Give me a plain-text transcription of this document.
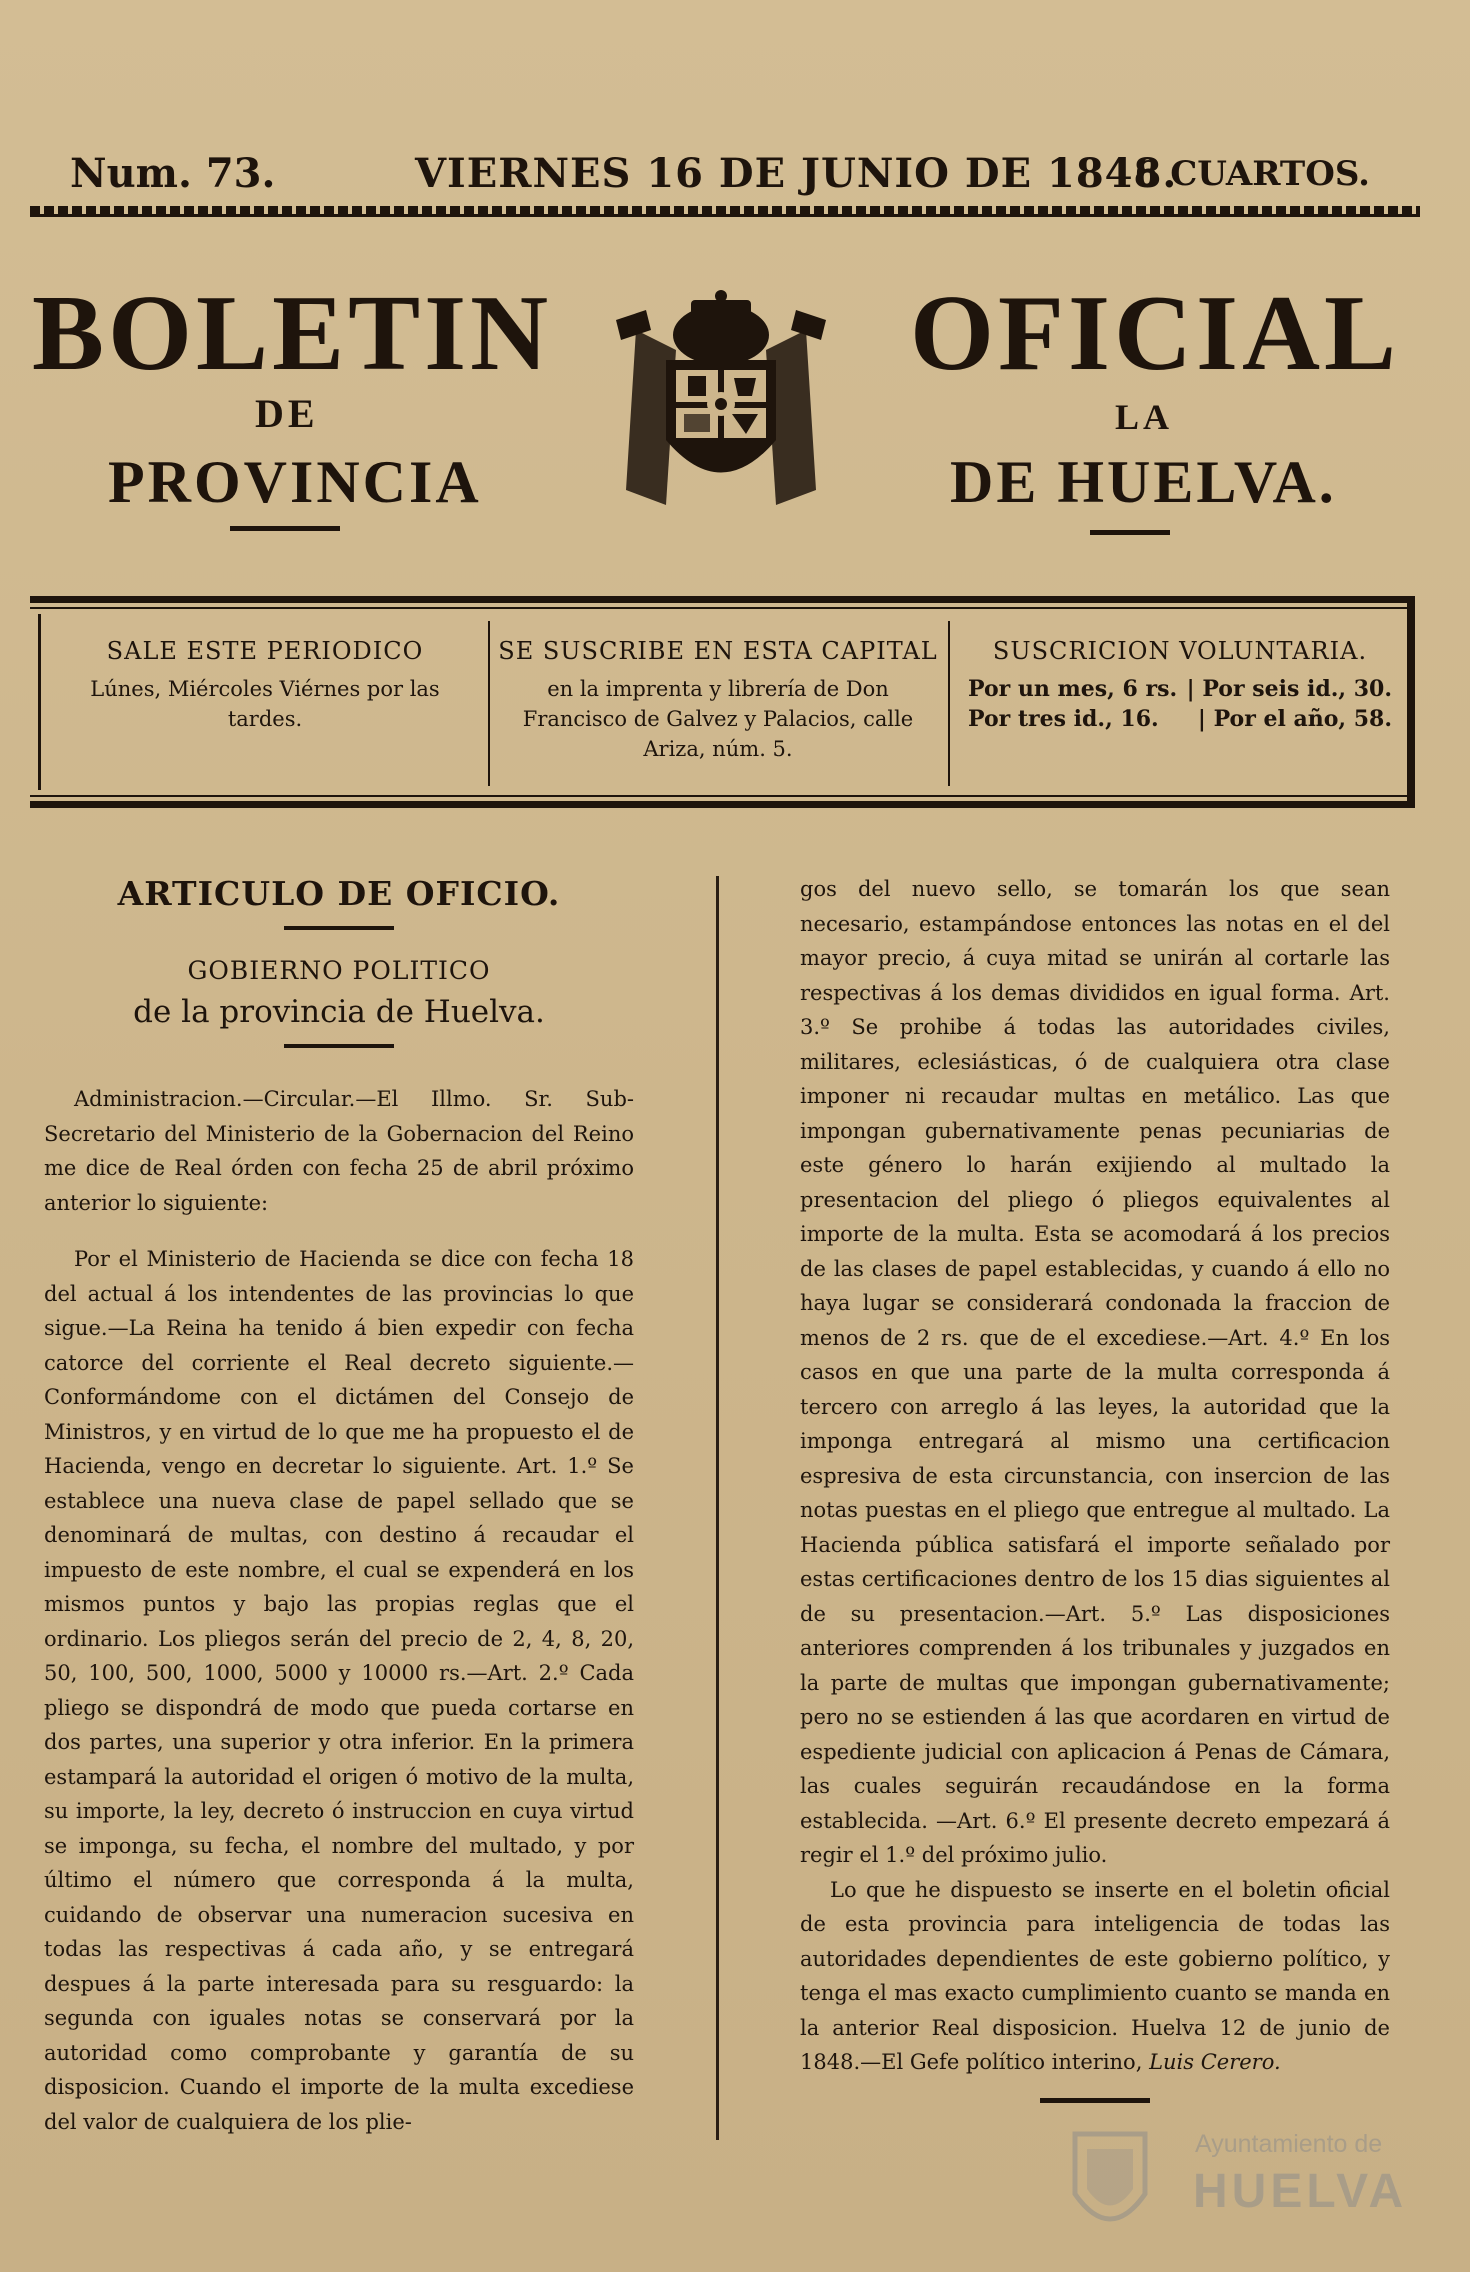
Num. 73.	VIERNES 16 DE JUNIO DE 1848.
6 CUARTOS.
BOLETIN	OFICIAL
DE	LA
PROVINCIA	DE HUELVA.
SALE ESTE PERIODICO
Lúnes, Miércoles Viérnes por las tardes.
SE SUSCRIBE EN ESTA CAPITAL
en la imprenta y librería de Don Francisco de Galvez y Palacios, calle Ariza, núm. 5.
SUSCRICION VOLUNTARIA.
Por un mes, 6 rs. | Por seis id., 30.
Por tres id., 16. | Por el año, 58.

ARTICULO DE OFICIO.

GOBIERNO POLITICO

de la provincia de Huelva.

Administracion.—Circular.—El Illmo. Sr. Sub-Secretario del Ministerio de la Gobernacion del Reino me dice de Real órden con fecha 25 de abril próximo anterior lo siguiente:

Por el Ministerio de Hacienda se dice con fecha 18 del actual á los intendentes de las provincias lo que sigue.—La Reina ha tenido á bien expedir con fecha catorce del corriente el Real decreto siguiente.—Conformándome con el dictámen del Consejo de Ministros, y en virtud de lo que me ha propuesto el de Hacienda, vengo en decretar lo siguiente. Art. 1.º Se establece una nueva clase de papel sellado que se denominará de multas, con destino á recaudar el impuesto de este nombre, el cual se expenderá en los mismos puntos y bajo las propias reglas que el ordinario. Los pliegos serán del precio de 2, 4, 8, 20, 50, 100, 500, 1000, 5000 y 10000 rs.—Art. 2.º Cada pliego se dispondrá de modo que pueda cortarse en dos partes, una superior y otra inferior. En la primera estampará la autoridad el origen ó motivo de la multa, su importe, la ley, decreto ó instruccion en cuya virtud se imponga, su fecha, el nombre del multado, y por último el número que corresponda á la multa, cuidando de observar una numeracion sucesiva en todas las respectivas á cada año, y se entregará despues á la parte interesada para su resguardo: la segunda con iguales notas se conservará por la autoridad como comprobante y garantía de su disposicion. Cuando el importe de la multa excediese del valor de cualquiera de los plie-

gos del nuevo sello, se tomarán los que sean necesario, estampándose entonces las notas en el del mayor precio, á cuya mitad se unirán al cortarle las respectivas á los demas divididos en igual forma. Art. 3.º Se prohibe á todas las autoridades civiles, militares, eclesiásticas, ó de cualquiera otra clase imponer ni recaudar multas en metálico. Las que impongan gubernativamente penas pecuniarias de este género lo harán exijiendo al multado la presentacion del pliego ó pliegos equivalentes al importe de la multa. Esta se acomodará á los precios de las clases de papel establecidas, y cuando á ello no haya lugar se considerará condonada la fraccion de menos de 2 rs. que de el excediese.—Art. 4.º En los casos en que una parte de la multa corresponda á tercero con arreglo á las leyes, la autoridad que la imponga entregará al mismo una certificacion espresiva de esta circunstancia, con insercion de las notas puestas en el pliego que entregue al multado. La Hacienda pública satisfará el importe señalado por estas certificaciones dentro de los 15 dias siguientes al de su presentacion.—Art. 5.º Las disposiciones anteriores comprenden á los tribunales y juzgados en la parte de multas que impongan gubernativamente; pero no se estienden á las que acordaren en virtud de espediente judicial con aplicacion á Penas de Cámara, las cuales seguirán recaudándose en la forma establecida. —Art. 6.º El presente decreto empezará á regir el 1.º del próximo julio.

Lo que he dispuesto se inserte en el boletin oficial de esta provincia para inteligencia de todas las autoridades dependientes de este gobierno político, y tenga el mas exacto cumplimiento cuanto se manda en la anterior Real disposicion. Huelva 12 de junio de 1848.—El Gefe político interino, Luis Cerero.

Ayuntamiento de
HUELVA
